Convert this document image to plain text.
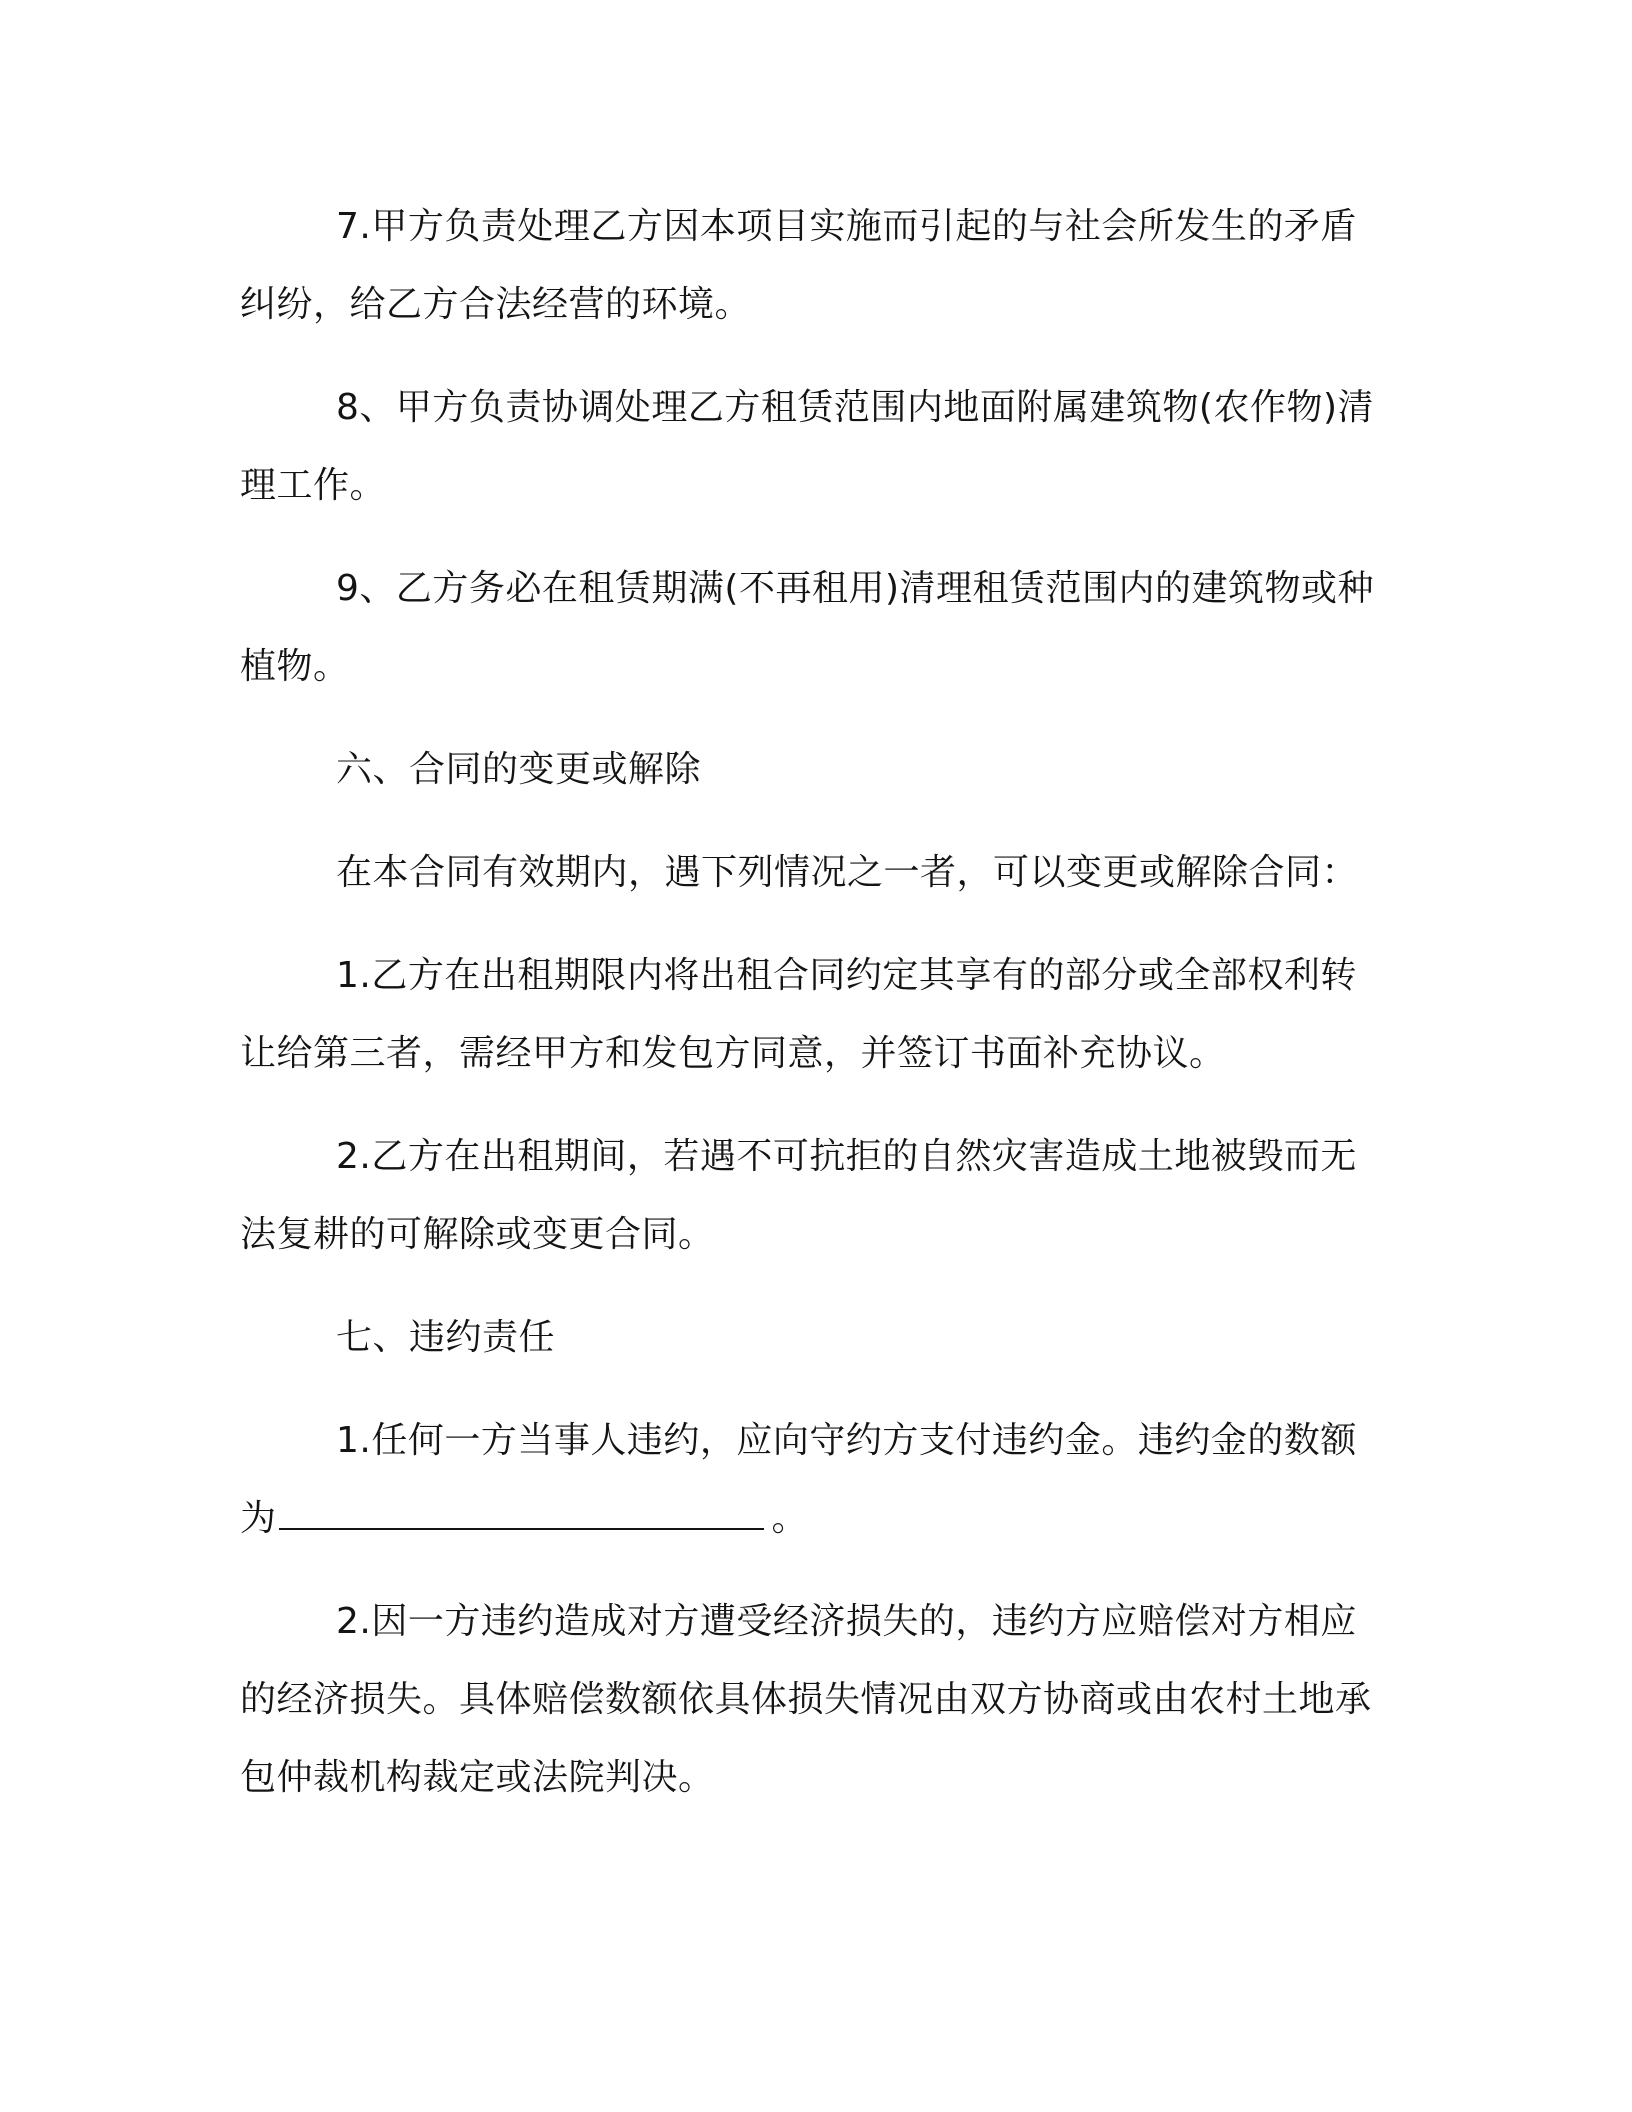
7.甲方负责处理乙方因本项目实施而引起的与社会所发生的矛盾纠纷，给乙方合法经营的环境。

8、甲方负责协调处理乙方租赁范围内地面附属建筑物(农作物)清理工作。

9、乙方务必在租赁期满(不再租用)清理租赁范围内的建筑物或种植物。

六、合同的变更或解除

在本合同有效期内，遇下列情况之一者，可以变更或解除合同：

1.乙方在出租期限内将出租合同约定其享有的部分或全部权利转让给第三者，需经甲方和发包方同意，并签订书面补充协议。

2.乙方在出租期间，若遇不可抗拒的自然灾害造成土地被毁而无法复耕的可解除或变更合同。

七、违约责任

1.任何一方当事人违约，应向守约方支付违约金。违约金的数额为	。

2.因一方违约造成对方遭受经济损失的，违约方应赔偿对方相应的经济损失。具体赔偿数额依具体损失情况由双方协商或由农村土地承包仲裁机构裁定或法院判决。
